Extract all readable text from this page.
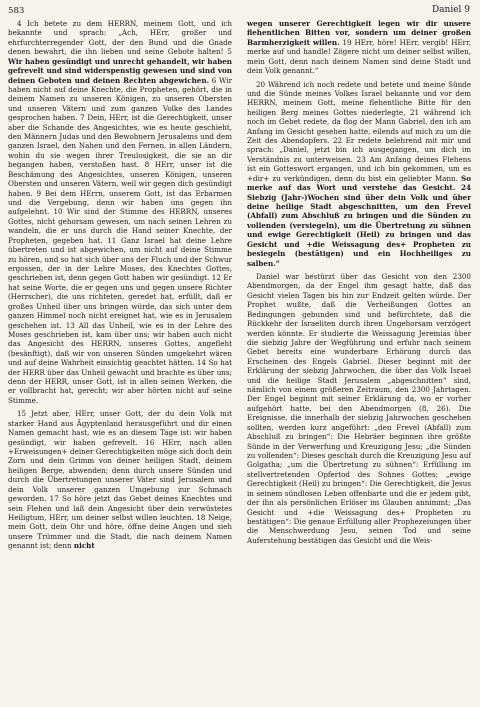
583	Daniel 9

4 Ich betete zu dem HERRN, meinem Gott, und ich bekannte und sprach: „Ach, HErr, großer und ehrfurchterregender Gott, der den Bund und die Gnade denen bewahrt, die ihn lieben und seine Gebote halten! 5 Wir haben gesündigt und unrecht gehandelt, wir haben gefrevelt und sind widerspenstig gewesen und sind von deinen Geboten und deinen Rechten abgewichen. 6 Wir haben nicht auf deine Knechte, die Propheten, gehört, die in deinem Namen zu unseren Königen, zu unseren Obersten und unseren Vätern und zum ganzen Volke des Landes gesprochen haben. 7 Dein, HErr, ist die Gerechtigkeit, unser aber die Schande des Angesichtes, wie es heute geschieht, den Männern Judas und den Bewohnern Jerusalems und dem ganzen Israel, den Nahen und den Fernen, in allen Ländern, wohin du sie wegen ihrer Treulosigkeit, die sie an dir begangen haben, verstoßen hast. 8 HErr, unser ist die Beschämung des Angesichtes, unseren Königen, unseren Obersten und unseren Vätern, weil wir gegen dich gesündigt haben. 9 Bei dem HErrn, unserem Gott, ist das Erbarmen und die Vergebung, denn wir haben uns gegen ihn aufgelehnt. 10 Wir sind der Stimme des HERRN, unseres Gottes, nicht gehorsam gewesen, um nach seinen Lehren zu wandeln, die er uns durch die Hand seiner Knechte, der Propheten, gegeben hat. 11 Ganz Israel hat deine Lehre übertreten und ist abgewichen, um nicht auf deine Stimme zu hören, und so hat sich über uns der Fluch und der Schwur ergossen, der in der Lehre Moses, des Knechtes Gottes, geschrieben ist, denn gegen Gott haben wir gesündigt. 12 Er hat seine Worte, die er gegen uns und gegen unsere Richter (Herrscher), die uns richteten, geredet hat, erfüllt, daß er großes Unheil über uns bringen würde, das sich unter dem ganzen Himmel noch nicht ereignet hat, wie es in Jerusalem geschehen ist. 13 All das Unheil, wie es in der Lehre des Moses geschrieben ist, kam über uns; wir haben auch nicht das Angesicht des HERRN, unseres Gottes, angefleht (besänftigt), daß wir von unseren Sünden umgekehrt wären und auf deine Wahrheit einsichtig geachtet hätten. 14 So hat der HERR über das Unheil gewacht und brachte es über uns; denn der HERR, unser Gott, ist in allen seinen Werken, die er vollbracht hat, gerecht; wir aber hörten nicht auf seine Stimme.

15 Jetzt aber, HErr, unser Gott, der du dein Volk mit starker Hand aus Ägyptenland herausgeführt und dir einen Namen gemacht hast, wie es an diesem Tage ist: wir haben gesündigt, wir haben gefrevelt. 16 HErr, nach allen +Erweisungen+ deiner Gerechtigkeiten möge sich doch dein Zorn und dein Grimm von deiner heiligen Stadt, deinem heiligen Berge, abwenden; denn durch unsere Sünden und durch die Übertretungen unserer Väter sind Jerusalem und dein Volk unserer ganzen Umgebung zur Schmach geworden. 17 So höre jetzt das Gebet deines Knechtes und sein Flehen und laß dein Angesicht über dein verwüstetes Heiligtum, HErr, um deiner selbst willen leuchten. 18 Neige, mein Gott, dein Ohr und höre, öffne deine Augen und sieh unsere Trümmer und die Stadt, die nach deinem Namen genannt ist; denn nicht

wegen unserer Gerechtigkeit legen wir dir unsere flehentlichen Bitten vor, sondern um deiner großen Barmherzigkeit willen. 19 HErr, höre! HErr, vergib! HErr, merke auf und handle! Zögere nicht um deiner selbst willen, mein Gott, denn nach deinem Namen sind deine Stadt und dein Volk genannt.“

20 Während ich noch redete und betete und meine Sünde und die Sünde meines Volkes Israel bekannte und vor dem HERRN, meinem Gott, meine flehentliche Bitte für den heiligen Berg meines Gottes niederlegte, 21 während ich noch im Gebet redete, da flog der Mann Gabriel, den ich am Anfang im Gesicht gesehen hatte, eilends auf mich zu um die Zeit des Abendopfers. 22 Er redete belehrend mit mir und sprach: „Daniel, jetzt bin ich ausgegangen, um dich im Verständnis zu unterweisen. 23 Am Anfang deines Flehens ist ein Gotteswort ergangen, und ich bin gekommen, um es +dir+ zu verkündigen, denn du bist ein geliebter Mann. So merke auf das Wort und verstehe das Gesicht. 24 Siebzig (Jahr-)Wochen sind über dein Volk und über deine heilige Stadt abgeschnitten, um den Frevel (Abfall) zum Abschluß zu bringen und die Sünden zu vollenden (versiegeln), um die Übertretung zu sühnen und ewige Gerechtigkeit (Heil) zu bringen und das Gesicht und +die Weissagung des+ Propheten zu besiegeln (bestätigen) und ein Hochheiliges zu salben.“

Daniel war bestürzt über das Gesicht von den 2300 Abendmorgen, da der Engel ihm gesagt hatte, daß das Gesicht vielen Tagen bis hin zur Endzeit gelten würde. Der Prophet wußte, daß die Verheißungen Gottes an Bedingungen gebunden sind und befürchtete, daß die Rückkehr der Israeliten durch ihren Ungehorsam verzögert werden könnte. Er studierte die Weissagung Jeremias über die siebzig Jahre der Wegführung und erfuhr nach seinem Gebet bereits eine wunderbare Erhörung durch das Erscheinen des Engels Gabriel. Dieser beginnt mit der Erklärung der siebzig Jahrwochen, die über das Volk Israel und die heilige Stadt Jerusalem „abgeschnitten“ sind, nämlich von einem größeren Zeitraum, den 2300 Jahrtagen. Der Engel beginnt mit seiner Erklärung da, wo er vorher aufgehört hatte, bei den Abendmorgen (8, 26). Die Ereignisse, die innerhalb der siebzig Jahrwochen geschehen sollten, werden kurz angeführt: „den Frevel (Abfall) zum Abschluß zu bringen“: Die Hebräer beginnen ihre größte Sünde in der Verwerfung und Kreuzigung Jesu; „die Sünden zu vollenden“: Dieses geschah durch die Kreuzigung Jesu auf Golgatha; „um die Übertretung zu sühnen“: Erfüllung im stellvertretenden Opfertod des Sohnes Gottes; „ewige Gerechtigkeit (Heil) zu bringen“: Die Gerechtigkeit, die Jesus in seinem sündlosen Leben offenbarte und die er jedem gibt, der ihn als persönlichen Erlöser im Glauben annimmt; „Das Gesicht und +die Weissagung des+ Propheten zu bestätigen“: Die genaue Erfüllung aller Prophezeiungen über die Menschwerdung Jesu, seinen Tod und seine Auferstehung bestätigen das Gesicht und die Weis-
